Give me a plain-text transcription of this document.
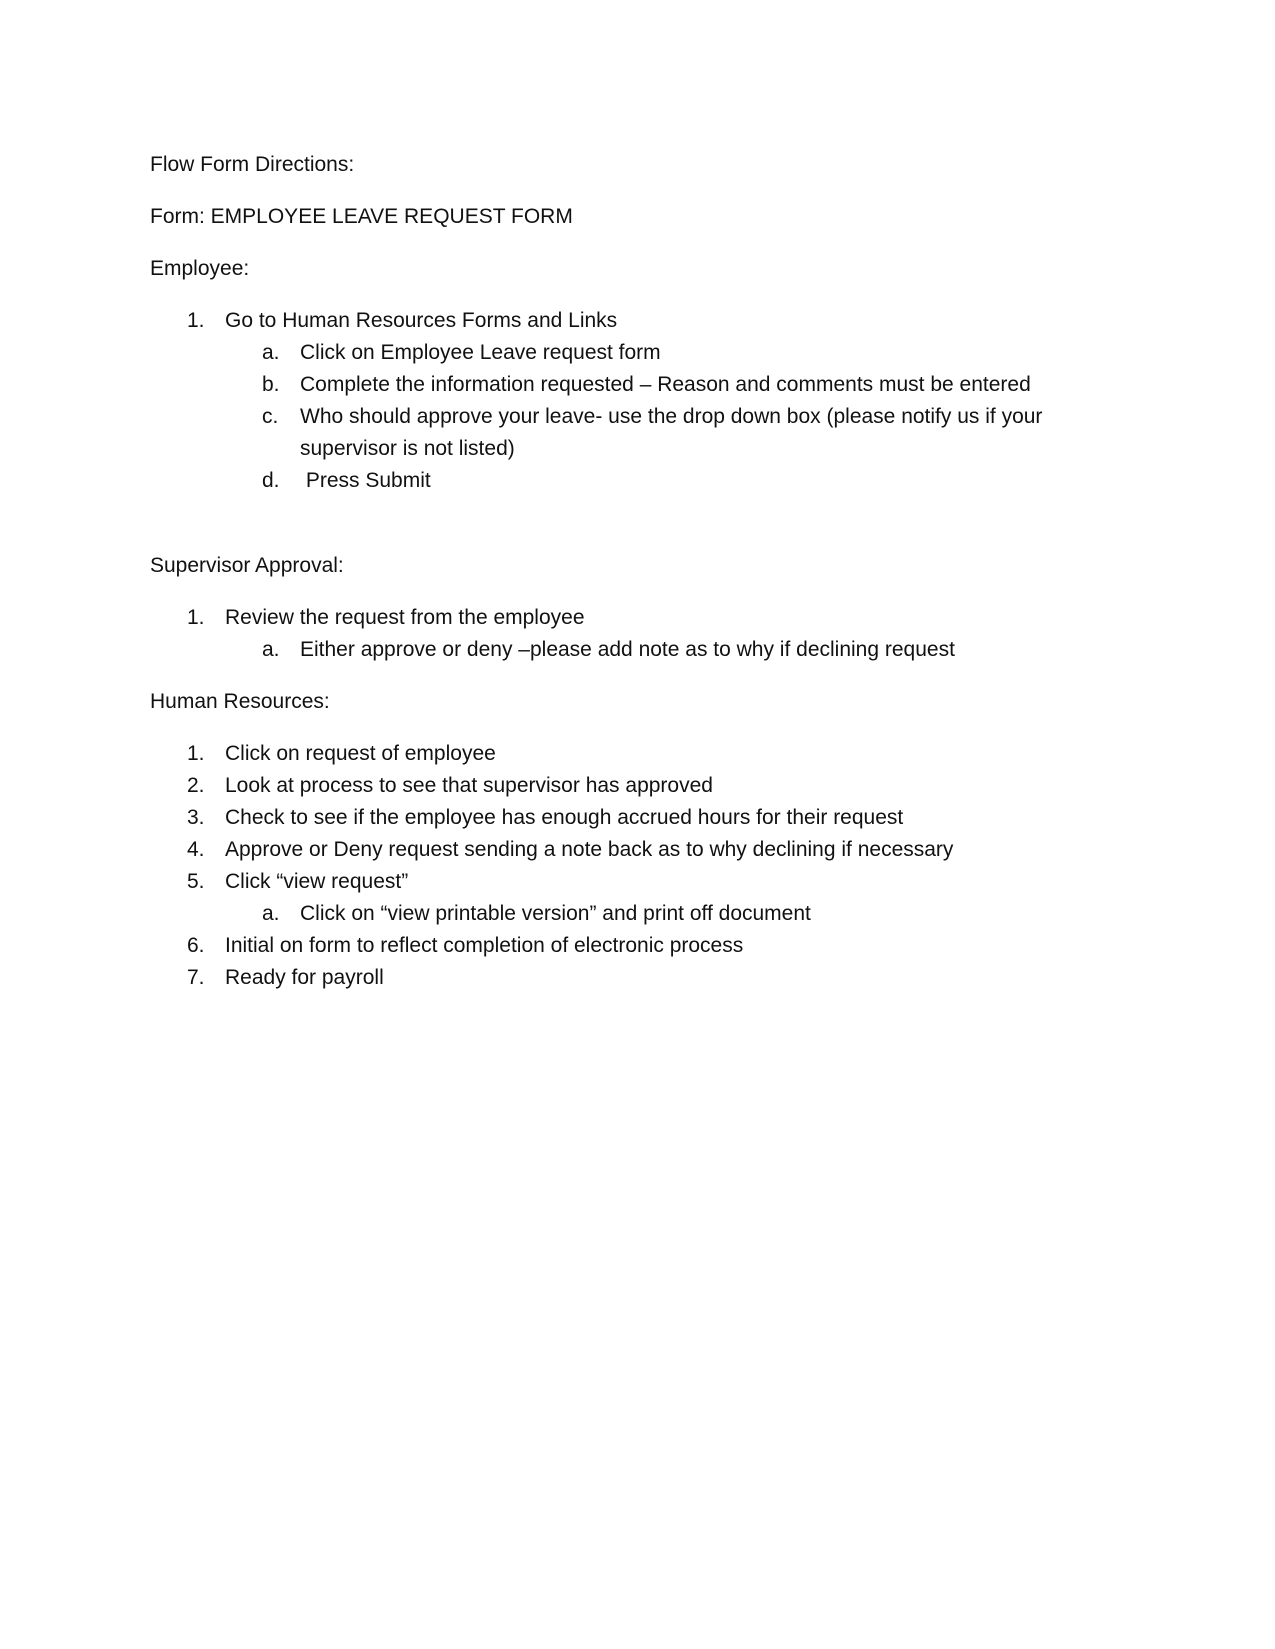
Flow Form Directions:
Form: EMPLOYEE LEAVE REQUEST FORM
Employee:
1. Go to Human Resources Forms and Links
a. Click on Employee Leave request form
b. Complete the information requested – Reason and comments must be entered
c. Who should approve your leave- use the drop down box (please notify us if your
supervisor is not listed)
d. Press Submit
Supervisor Approval:
1. Review the request from the employee
a. Either approve or deny –please add note as to why if declining request
Human Resources:
1. Click on request of employee
2. Look at process to see that supervisor has approved
3. Check to see if the employee has enough accrued hours for their request
4. Approve or Deny request sending a note back as to why declining if necessary
5. Click “view request”
a. Click on “view printable version” and print off document
6. Initial on form to reflect completion of electronic process
7. Ready for payroll
